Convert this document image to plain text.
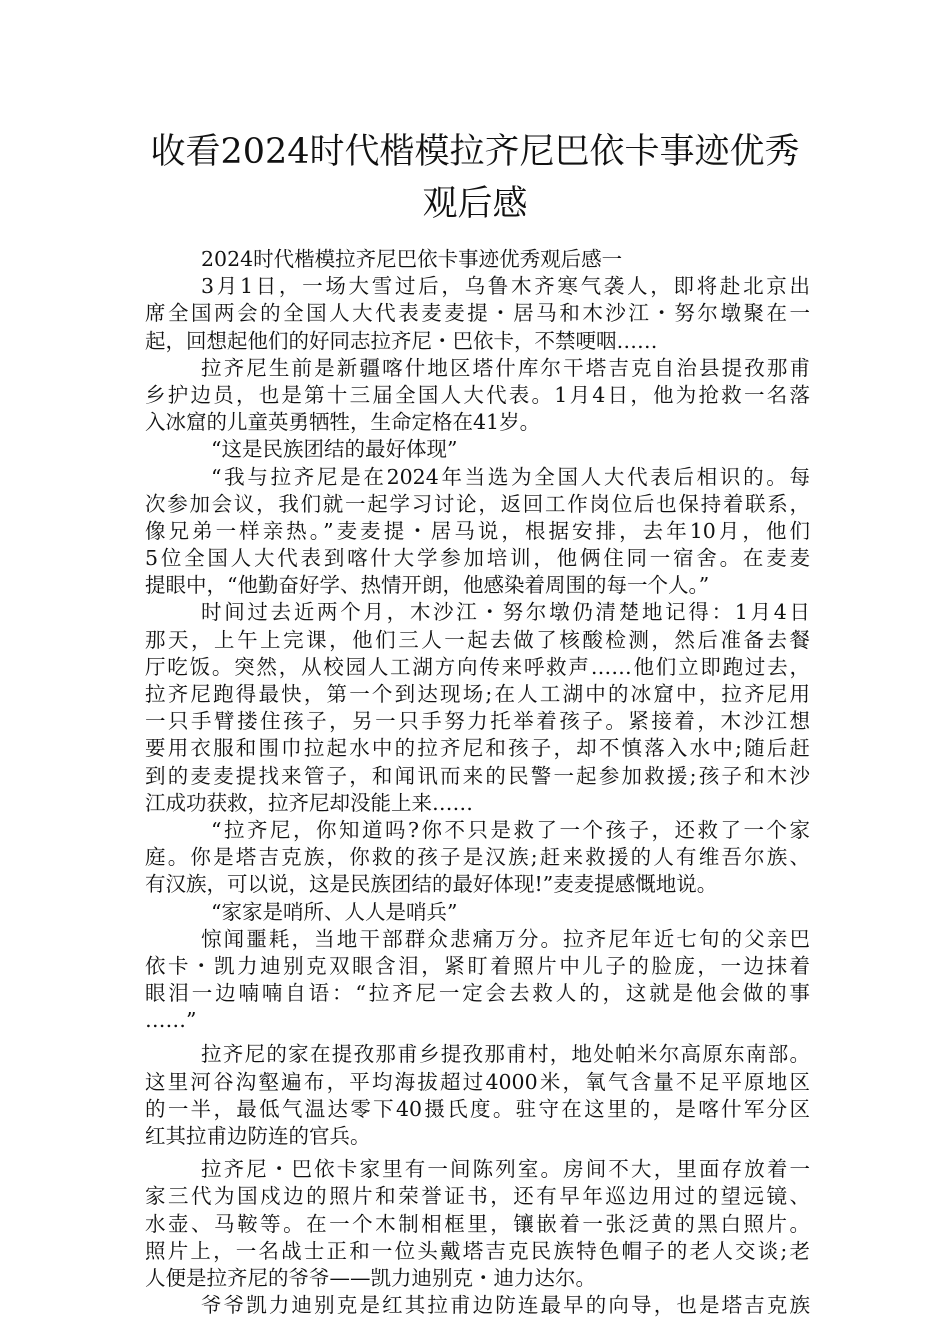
收看2024时代楷模拉齐尼巴依卡事迹优秀
观后感
2024时代楷模拉齐尼巴依卡事迹优秀观后感一
3月1日，一场大雪过后，乌鲁木齐寒气袭人，即将赴北京出
席全国两会的全国人大代表麦麦提・居马和木沙江・努尔墩聚在一
起，回想起他们的好同志拉齐尼・巴依卡，不禁哽咽……
拉齐尼生前是新疆喀什地区塔什库尔干塔吉克自治县提孜那甫
乡护边员，也是第十三届全国人大代表。1月4日，他为抢救一名落
入冰窟的儿童英勇牺牲，生命定格在41岁。
“这是民族团结的最好体现”
“我与拉齐尼是在2024年当选为全国人大代表后相识的。每
次参加会议，我们就一起学习讨论，返回工作岗位后也保持着联系，
像兄弟一样亲热。”麦麦提・居马说，根据安排，去年10月，他们
5位全国人大代表到喀什大学参加培训，他俩住同一宿舍。在麦麦
提眼中，“他勤奋好学、热情开朗，他感染着周围的每一个人。”
时间过去近两个月，木沙江・努尔墩仍清楚地记得：1月4日
那天，上午上完课，他们三人一起去做了核酸检测，然后准备去餐
厅吃饭。突然，从校园人工湖方向传来呼救声……他们立即跑过去，
拉齐尼跑得最快，第一个到达现场;在人工湖中的冰窟中，拉齐尼用
一只手臂搂住孩子，另一只手努力托举着孩子。紧接着，木沙江想
要用衣服和围巾拉起水中的拉齐尼和孩子，却不慎落入水中;随后赶
到的麦麦提找来管子，和闻讯而来的民警一起参加救援;孩子和木沙
江成功获救，拉齐尼却没能上来……
“拉齐尼，你知道吗?你不只是救了一个孩子，还救了一个家
庭。你是塔吉克族，你救的孩子是汉族;赶来救援的人有维吾尔族、
有汉族，可以说，这是民族团结的最好体现!”麦麦提感慨地说。
“家家是哨所、人人是哨兵”
惊闻噩耗，当地干部群众悲痛万分。拉齐尼年近七旬的父亲巴
依卡・凯力迪别克双眼含泪，紧盯着照片中儿子的脸庞，一边抹着
眼泪一边喃喃自语：“拉齐尼一定会去救人的，这就是他会做的事
……”
拉齐尼的家在提孜那甫乡提孜那甫村，地处帕米尔高原东南部。
这里河谷沟壑遍布，平均海拔超过4000米，氧气含量不足平原地区
的一半，最低气温达零下40摄氏度。驻守在这里的，是喀什军分区
红其拉甫边防连的官兵。
拉齐尼・巴依卡家里有一间陈列室。房间不大，里面存放着一
家三代为国戍边的照片和荣誉证书，还有早年巡边用过的望远镜、
水壶、马鞍等。在一个木制相框里，镶嵌着一张泛黄的黑白照片。
照片上，一名战士正和一位头戴塔吉克民族特色帽子的老人交谈;老
人便是拉齐尼的爷爷——凯力迪别克・迪力达尔。
爷爷凯力迪别克是红其拉甫边防连最早的向导，也是塔吉克族
